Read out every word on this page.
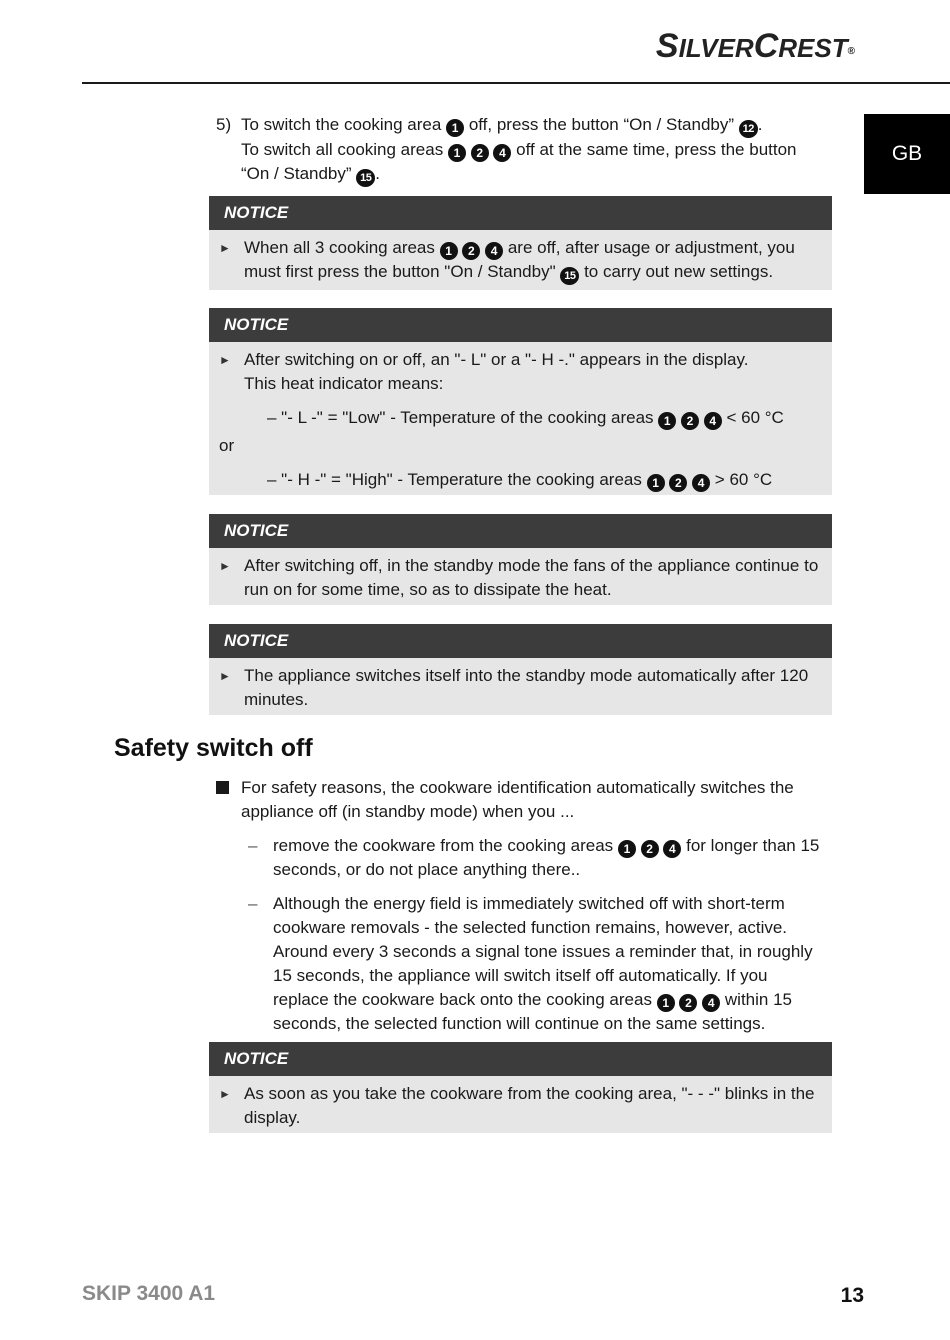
SILVERCREST®
GB
5) To switch the cooking area 1 off, press the button “On / Standby” 12 .
To switch all cooking areas 1 2 4 off at the same time, press the button
“On / Standby” 15 .
NOTICE
► When all 3 cooking areas 1 2 4 are off, after usage or adjustment, you must first press the button "On / Standby" 15 to carry out new settings.
NOTICE
► After switching on or off, an "- L" or a "- H -." appears in the display.
This heat indicator means:
– "- L -" = "Low" - Temperature of the cooking areas 1 2 4 < 60 °C
or
– "- H -" = "High" - Temperature the cooking areas 1 2 4 > 60 °C
NOTICE
► After switching off, in the standby mode the fans of the appliance continue to run on for some time, so as to dissipate the heat.
NOTICE
► The appliance switches itself into the standby mode automatically after 120 minutes.
Safety switch off
For safety reasons, the cookware identification automatically switches the appliance off (in standby mode) when you ...
– remove the cookware from the cooking areas 1 2 4 for longer than 15 seconds, or do not place anything there..
– Although the energy field is immediately switched off with short-term cookware removals - the selected function remains, however, active. Around every 3 seconds a signal tone issues a reminder that, in roughly 15 seconds, the appliance will switch itself off automatically. If you replace the cookware back onto the cooking areas 1 2 4 within 15 seconds, the selected function will continue on the same settings.
NOTICE
► As soon as you take the cookware from the cooking area, "- - -" blinks in the display.
SKIP 3400 A1	13
